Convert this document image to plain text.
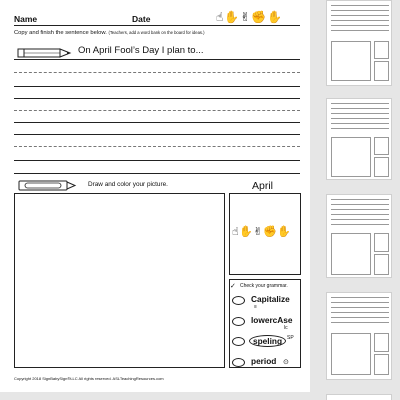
Name	Date	☝✋✌✊✋
Copy and finish the sentence below. (Teachers, add a word bank on the board for ideas.)
On April Fool’s Day I plan to...
Draw and color your picture.	April
☝✋✌✊✋
✓ Check your grammar.
Capitalize
≡
lowercAse
lc
speling SP
period ⊙
Copyright 2018 SignBabySign®LLC All rights reserved. ASLTeachingResources.com
